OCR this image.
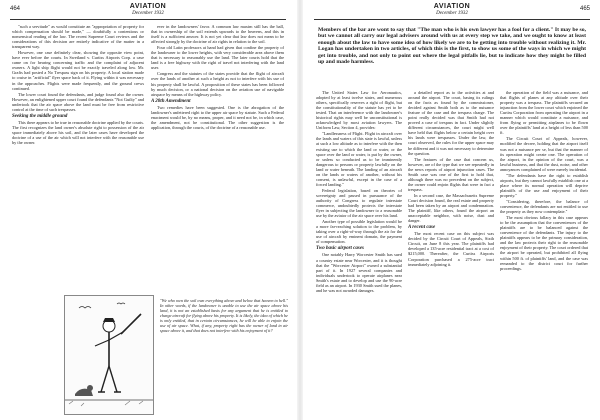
464	AVIATION
December 1932

"such a servitude" as would constitute an "appropriation of property for which compensation should be made," — doubtfully a contentious or nonsensical reading of the law. The recent Supreme Court reviews and the considerations of this decision are entirely indicative of the matter in a transparent way.

However, one case definitely clear, showing the opposite view point, have ever before the courts. In Swetland v. Curtiss Airports Corp. a case came on for hearing concerning traffic and the complaint of adjacent owners. A light ship flight would not be exactly traveled along low. Mr. Grafts had posted a No Trespass sign on his property. A local station made to cruise in "artificial" flyer space back of it. Flying within it was necessary in the approaches. Flights were made frequently, and the ground crews continued.

The lower court found the defendants, and judge found also the owner. However, an enlightened upper court found the defendants "Not Guilty" and undertook that the air space above the land must be free from restrictive control at the time of such trespasses.

Seeking the middle ground

This there appears to be true in reasonable doctrine applied by the courts. The first recognizes the land owner's absolute right to possession of the air space immediately above his soil, and the later cases have developed the doctrine of a use of the air which will not interfere with the reasonable use by the owner.

ever in the landowners' favor. A common law maxim still has the ball, that in ownership of the soil extends upwards to the heavens, and this in itself is a sufficient answer. It is not yet clear that law does not mean to be affected strongly by the doctrine of air rights in relation to the soil.

Four old Latin professors at hand had given that confine the property of the landowner to the lower heights, with very considerable area above them that is necessary to reasonably use the land. The later courts hold that the land is a free highway with the right of travel not interfering with the land user.

Congress and the statutes of the states provide that the flight of aircraft over the lands of another at such a height as not to interfere with his use of his property shall be lawful. A proposition of these states has been followed by much decision, or a national decision on the aviation use of navigable airspace by means of the highway policy.

A 20th Amendment

Two remedies have been suggested. One is the abrogation of the landowner's unfettered right to the upper air space by statute. Such a Federal enactment would be, by no means, proper, and it need not be, in which case, the amendment, not be constitutional. The other suggestion is the application, through the courts, of the doctrine of a reasonable use.

"We who own the soil own everything above and below that heaven to hell." In other words, if the landowner is unable to use the air space above his land, it is not an established basis for any argument that he is entitled to charge aircraft for flying above his property. It is likely, the idea of which he is only entitled, that in certain circumstances, he will be able to enjoin the use of air space. What, if any, property right has the owner of land in air space above it, and that does not interfere with his enjoyment of it?
AVIATION
December 1932
465
Members of the bar are wont to say that "The man who is his own lawyer has a fool for a client." It may be so, but we cannot all carry our legal advisers around with us at every step we take, and we ought to know at least enough about the law to have some idea of how likely we are to be getting into trouble without realizing it. Mr. Logan has undertaken in two articles, of which this is the first, to show us some of the ways in which we might get into trouble, and not only to point out where the legal pitfalls lie, but to indicate how they might be filled up and made harmless.

The United States Law for Aeronautics, adopted by at least twelve states, and numerous others, specifically reserves a right of flight, but the constitutionality of the statute has yet to be tested. That an interference with the landowner's historical rights may well be unconstitutional is acknowledged by most aviation lawyers. The Uniform Law, Section 4, provides:

"Landlessness of Flight. Flight in aircraft over the lands and waters of this state is lawful, unless at such a low altitude as to interfere with the then existing use to which the land or water, or the space over the land or water, is put by the owner, or unless so conducted as to be imminently dangerous to persons or property lawfully on the land or water beneath. The landing of an aircraft on the lands or waters of another, without his consent, is unlawful, except in the case of a forced landing."

Federal legislation, based on theories of sovereignty and passed in pursuance of the authority of Congress to regulate interstate commerce, undoubtedly protects the interstate flyer in subjecting the landowner to a reasonable use by the aviator of the air space over his land.

Another type of possible legislation would be a more far-reaching solution to the problem, by taking over a right-of-way through the air for the use of aircraft by eminent domain, the payment of compensation.

Two basic airport cases

One notably Harry Worcester Smith has sued a country estate near Worcester, and it is thought that the "Worcester Airport" owned a substantial part of it. In 1927 several companies and individuals undertook to operate airplanes near Smith's estate and to develop and use the 90-acre field as an airport. In 1930 Smith sued the planes, and he was not awarded damages.

a detailed report as to the activities at and around the airport. The court, basing its rulings on the facts as found by the commissioner, decided against Smith both as to the nuisance feature of the case and the trespass charge. The point really decided was that Smith had not proved a case of trespass in fact. Under slightly different circumstances, the court might well have held that flights below a certain height over his lands were trespasses. Under the law, the court observed, the rules for the upper space may be different and it was not necessary to determine the question.

The features of the case that concern us, however, are of the type that we see repeatedly in the news reports of airport injunction cases. The Smith case was one of the first to hold that, although there was no precedent on the subject, the owner could enjoin flights that were in fact a trespass.

In a second case, the Massachusetts Supreme Court decision found, the real estate and property had been taken by an airport and condemnation. The plaintiff, like others, found the airport an unacceptable neighbor, with noise, dust and danger.

A recent case

The most recent case on this subject was decided by the Circuit Court of Appeals, Sixth Circuit, on June 8 this year. The plaintiffs had developed a 135-acre residential tract at a cost of $215,000. Thereafter, the Curtiss Airports Corporation purchased a 275-acre tract immediately adjoining it.

the operation of the field was a nuisance, and that flights of planes at any altitude over their property was a trespass. The plaintiffs secured an injunction from the lower court which enjoined the Curtiss Corporation from operating the airport in a manner which would constitute a nuisance, and from flying or permitting airplanes to be flown over the plaintiffs' land at a height of less than 500 ft.

The Circuit Court of Appeals, however, modified the decree, holding that the airport itself was not a nuisance per se, but that the manner of its operation might create one. The operation of the airport, in the opinion of the court, was a lawful business, and that the dust, noise, and other annoyances complained of were merely incidental.

"The defendants have the right to establish airports, but they cannot lawfully establish one at a place where its normal operation will deprive plaintiffs of the use and enjoyment of their property."

"Considering, therefore, the balance of convenience, the defendants are not entitled to use the property as they now contemplate."

The most obvious fallacy in this case appears to be the assumption that the conveniences of the plaintiffs are to be balanced against the convenience of the defendants. The injury to the plaintiffs appears to be the primary consideration, and the law protects their right to the reasonable enjoyment of their property. The court ordered that the airport be operated, but prohibited all flying within 500 ft. of plaintiffs' land, and the case was remanded to the district court for further proceedings.
